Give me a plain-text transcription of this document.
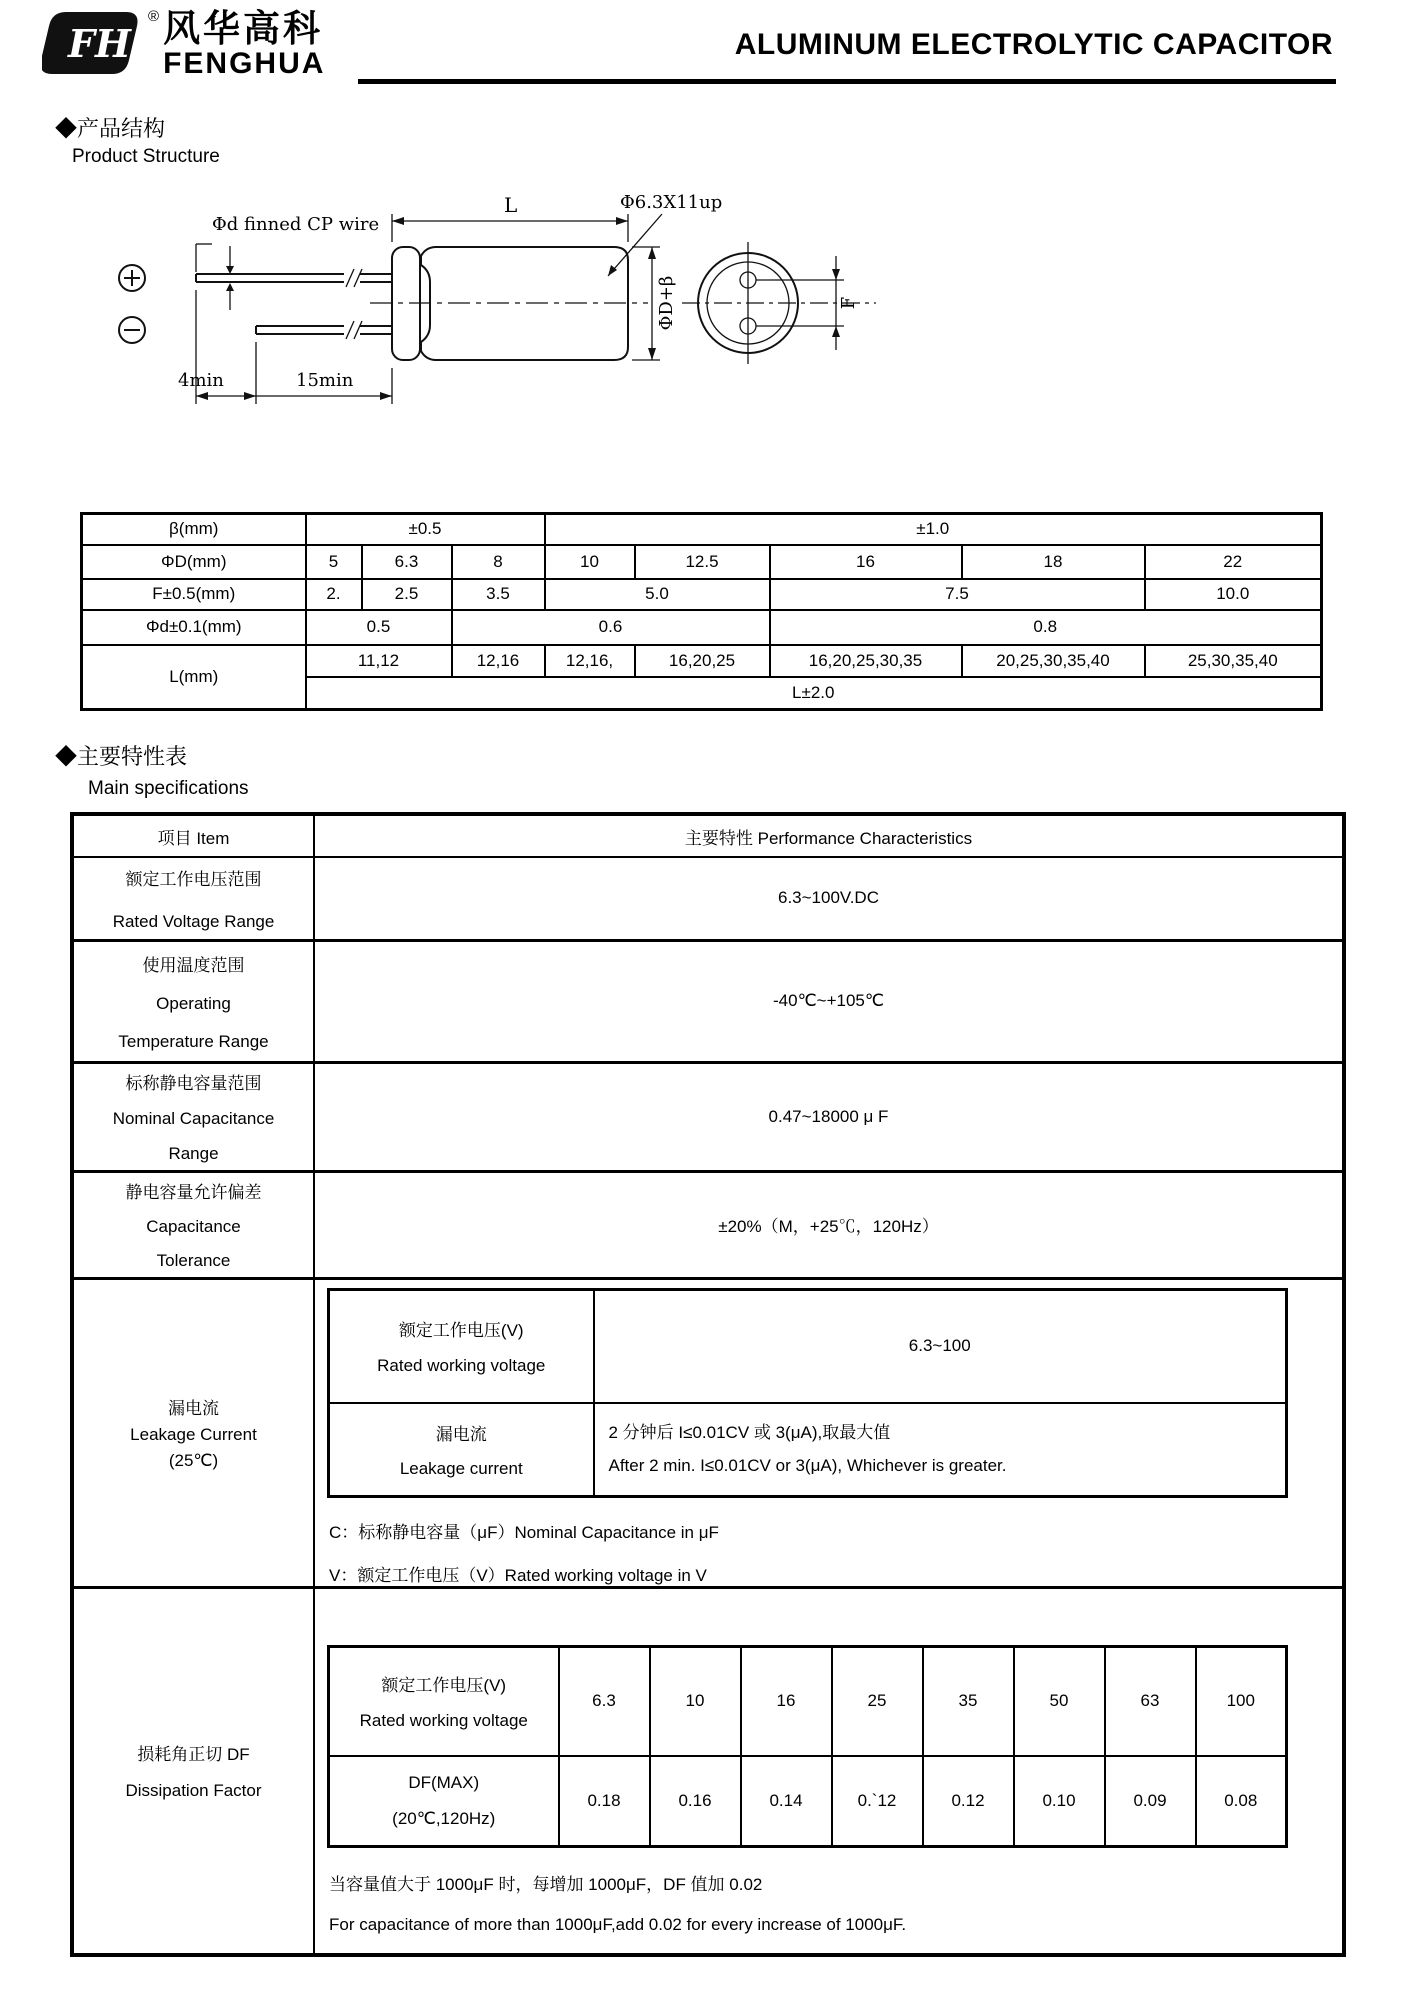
FH
® 风华高科
FENGHUA
ALUMINUM ELECTROLYTIC CAPACITOR
◆产品结构
Product Structure
Φd finned CP wire
L	Φ6.3X11up
ΦD+β	F
4min	15min
β(mm)	±0.5			±1.0				
ΦD(mm)	5	6.3	8	10	12.5	16	18	22
F±0.5(mm)	2.	2.5	3.5	5.0		7.5		10.0
Φd±0.1(mm)	0.5		0.6			0.8		
L(mm)	11,12		12,16	12,16,	16,20,25	16,20,25,30,35	20,25,30,35,40	25,30,35,40
	L±2.0							
◆主要特性表
Main specifications
项目 Item	主要特性 Performance Characteristics

额定工作电压范围
Rated Voltage Range
	6.3~100V.DC

使用温度范围
Operating
Temperature Range
	-40℃~+105℃

标称静电容量范围
Nominal Capacitance
Range
	0.47~18000 μ F

静电容量允许偏差
Capacitance
Tolerance
	±20%（M，+25℃，120Hz）

漏电流
Leakage Current
(25℃)

额定工作电压(V)
Rated working voltage
	6.3~100

漏电流
Leakage current

2 分钟后 I≤0.01CV 或 3(μA),取最大值
After 2 min. I≤0.01CV or 3(μA), Whichever is greater.
C：标称静电容量（μF）Nominal Capacitance in μF
V：额定工作电压（V）Rated working voltage in V

损耗角正切 DF
Dissipation Factor

额定工作电压(V)
Rated working voltage
	6.3	10	16	25	35	50	63	100

DF(MAX)
(20℃,120Hz)
	0.18	0.16	0.14	0.`12	0.12	0.10	0.09	0.08
当容量值大于 1000μF 时，每增加 1000μF，DF 值加 0.02
For capacitance of more than 1000μF,add 0.02 for every increase of 1000μF.
